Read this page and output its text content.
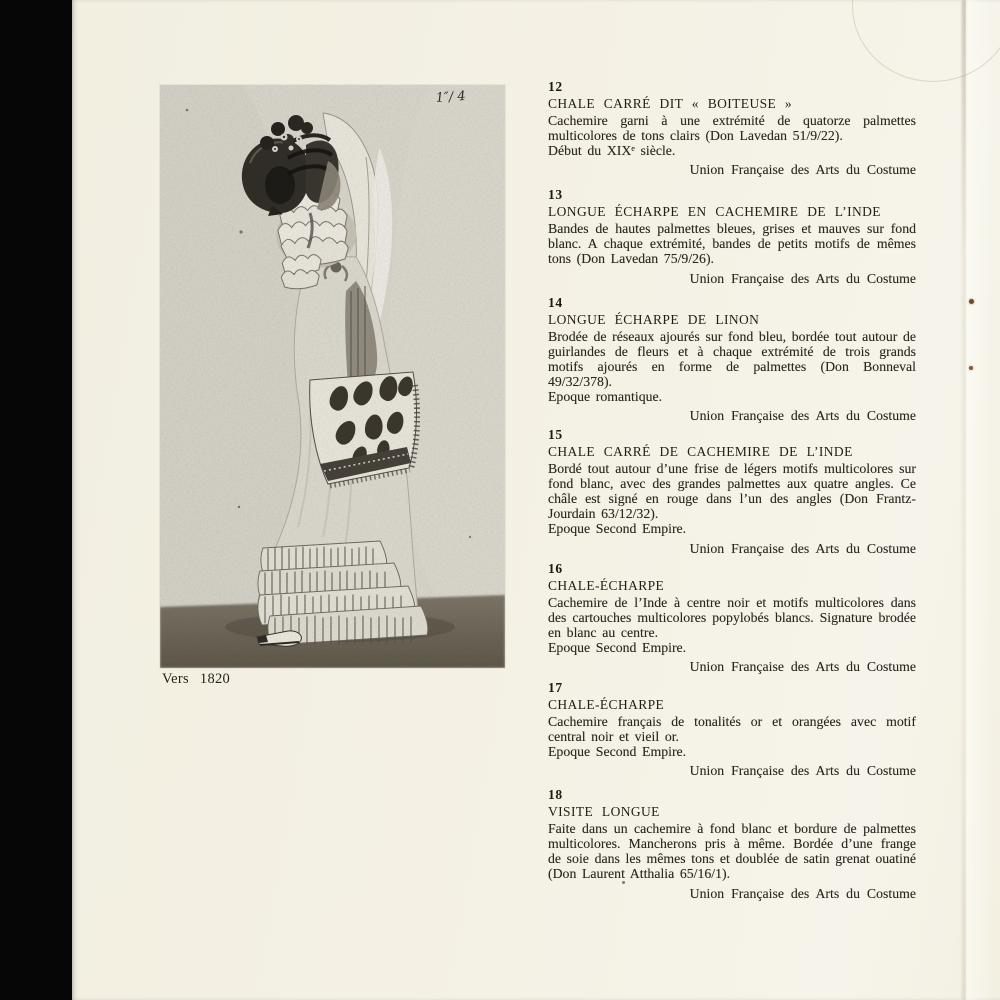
1″/ 4
Vers 1820
12
CHALE CARRÉ DIT « BOITEUSE »

Cachemire garni à une extrémité de quatorze palmettes multicolores de tons clairs (Don Lavedan 51/9/22).

Début du XIXᵉ siècle.

Union Française des Arts du Costume
13
LONGUE ÉCHARPE EN CACHEMIRE DE L’INDE

Bandes de hautes palmettes bleues, grises et mauves sur fond blanc. A chaque extrémité, bandes de petits motifs de mêmes tons (Don Lavedan 75/9/26).

Union Française des Arts du Costume
14
LONGUE ÉCHARPE DE LINON

Brodée de réseaux ajourés sur fond bleu, bordée tout autour de guirlandes de fleurs et à chaque extrémité de trois grands motifs ajourés en forme de palmettes (Don Bonneval 49/32/378).

Epoque romantique.

Union Française des Arts du Costume
15
CHALE CARRÉ DE CACHEMIRE DE L’INDE

Bordé tout autour d’une frise de légers motifs multicolores sur fond blanc, avec des grandes palmettes aux quatre angles. Ce châle est signé en rouge dans l’un des angles (Don Frantz-Jourdain 63/12/32).

Epoque Second Empire.

Union Française des Arts du Costume
16
CHALE-ÉCHARPE

Cachemire de l’Inde à centre noir et motifs multicolores dans des cartouches multicolores popylobés blancs. Signature brodée en blanc au centre.

Epoque Second Empire.

Union Française des Arts du Costume
17
CHALE-ÉCHARPE

Cachemire français de tonalités or et orangées avec motif central noir et vieil or.

Epoque Second Empire.

Union Française des Arts du Costume
18
VISITE LONGUE

Faite dans un cachemire à fond blanc et bordure de palmettes multicolores. Mancherons pris à même. Bordée d’une frange de soie dans les mêmes tons et doublée de satin grenat ouatiné (Don Laurent Atthalia 65/16/1).

Union Française des Arts du Costume
